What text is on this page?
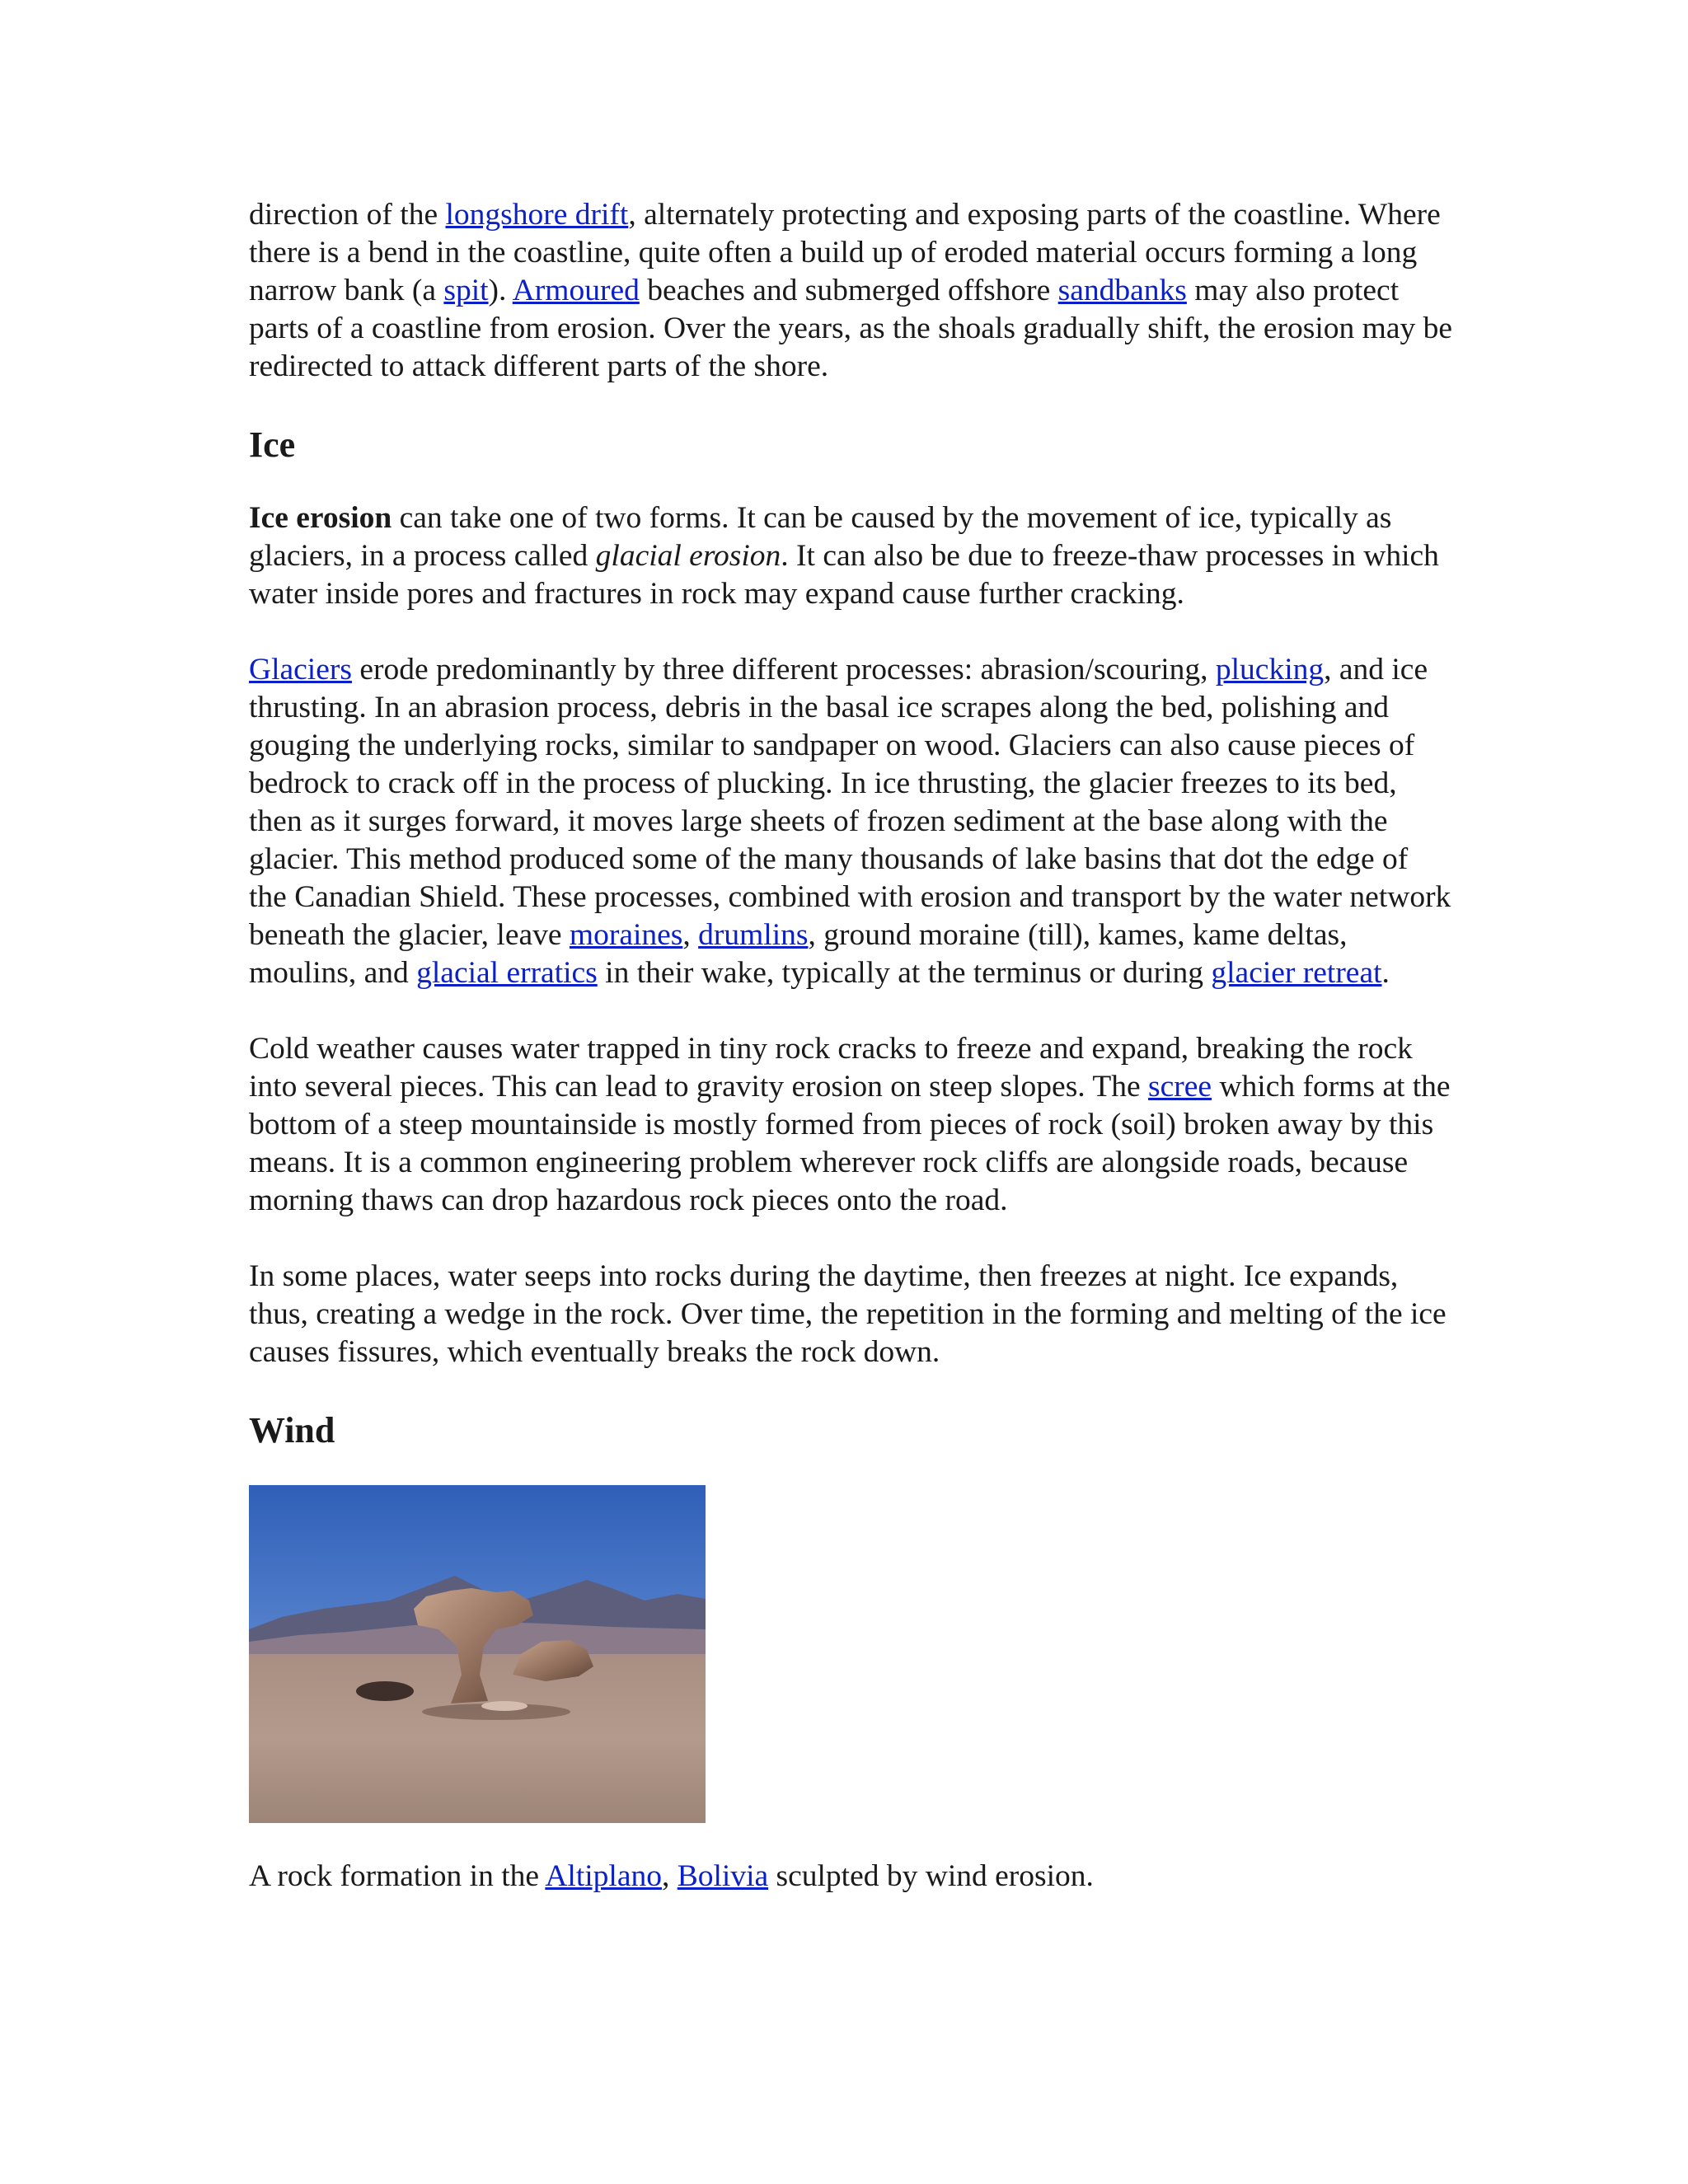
direction of the longshore drift, alternately protecting and exposing parts of the coastline. Where there is a bend in the coastline, quite often a build up of eroded material occurs forming a long narrow bank (a spit). Armoured beaches and submerged offshore sandbanks may also protect parts of a coastline from erosion. Over the years, as the shoals gradually shift, the erosion may be redirected to attack different parts of the shore.

Ice

Ice erosion can take one of two forms. It can be caused by the movement of ice, typically as glaciers, in a process called glacial erosion. It can also be due to freeze-thaw processes in which water inside pores and fractures in rock may expand cause further cracking.

Glaciers erode predominantly by three different processes: abrasion/scouring, plucking, and ice thrusting. In an abrasion process, debris in the basal ice scrapes along the bed, polishing and gouging the underlying rocks, similar to sandpaper on wood. Glaciers can also cause pieces of bedrock to crack off in the process of plucking. In ice thrusting, the glacier freezes to its bed, then as it surges forward, it moves large sheets of frozen sediment at the base along with the glacier. This method produced some of the many thousands of lake basins that dot the edge of the Canadian Shield. These processes, combined with erosion and transport by the water network beneath the glacier, leave moraines, drumlins, ground moraine (till), kames, kame deltas, moulins, and glacial erratics in their wake, typically at the terminus or during glacier retreat.

Cold weather causes water trapped in tiny rock cracks to freeze and expand, breaking the rock into several pieces. This can lead to gravity erosion on steep slopes. The scree which forms at the bottom of a steep mountainside is mostly formed from pieces of rock (soil) broken away by this means. It is a common engineering problem wherever rock cliffs are alongside roads, because morning thaws can drop hazardous rock pieces onto the road.

In some places, water seeps into rocks during the daytime, then freezes at night. Ice expands, thus, creating a wedge in the rock. Over time, the repetition in the forming and melting of the ice causes fissures, which eventually breaks the rock down.

Wind

A rock formation in the Altiplano, Bolivia sculpted by wind erosion.
